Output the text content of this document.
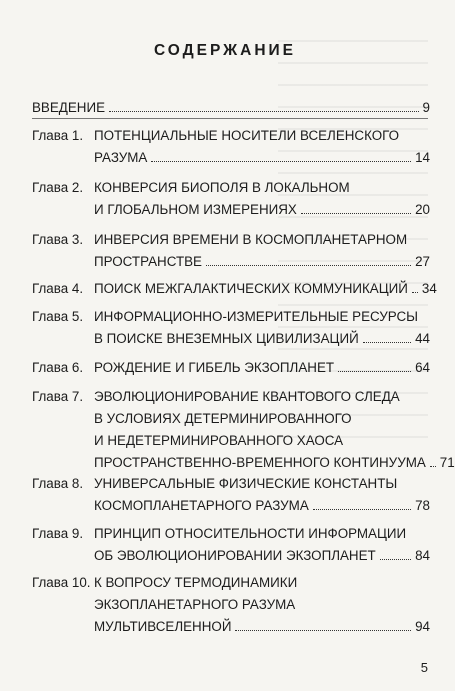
СОДЕРЖАНИЕ
ВВЕДЕНИЕ	9
Глава 1. ПОТЕНЦИАЛЬНЫЕ НОСИТЕЛИ ВСЕЛЕНСКОГО
РАЗУМА	14
Глава 2. КОНВЕРСИЯ БИОПОЛЯ В ЛОКАЛЬНОМ
И ГЛОБАЛЬНОМ ИЗМЕРЕНИЯХ	20
Глава 3. ИНВЕРСИЯ ВРЕМЕНИ В КОСМОПЛАНЕТАРНОМ
ПРОСТРАНСТВЕ	27
Глава 4. ПОИСК МЕЖГАЛАКТИЧЕСКИХ КОММУНИКАЦИЙ 34
Глава 5. ИНФОРМАЦИОННО-ИЗМЕРИТЕЛЬНЫЕ РЕСУРСЫ
В ПОИСКЕ ВНЕЗЕМНЫХ ЦИВИЛИЗАЦИЙ	44
Глава 6. РОЖДЕНИЕ И ГИБЕЛЬ ЭКЗОПЛАНЕТ	64
Глава 7. ЭВОЛЮЦИОНИРОВАНИЕ КВАНТОВОГО СЛЕДА
В УСЛОВИЯХ ДЕТЕРМИНИРОВАННОГО
И НЕДЕТЕРМИНИРОВАННОГО ХАОСА
ПРОСТРАНСТВЕННО-ВРЕМЕННОГО КОНТИНУУМА 71
Глава 8. УНИВЕРСАЛЬНЫЕ ФИЗИЧЕСКИЕ КОНСТАНТЫ
КОСМОПЛАНЕТАРНОГО РАЗУМА	78
Глава 9. ПРИНЦИП ОТНОСИТЕЛЬНОСТИ ИНФОРМАЦИИ
ОБ ЭВОЛЮЦИОНИРОВАНИИ ЭКЗОПЛАНЕТ	84
Глава 10. К ВОПРОСУ ТЕРМОДИНАМИКИ
ЭКЗОПЛАНЕТАРНОГО РАЗУМА
МУЛЬТИВСЕЛЕННОЙ	94
5
